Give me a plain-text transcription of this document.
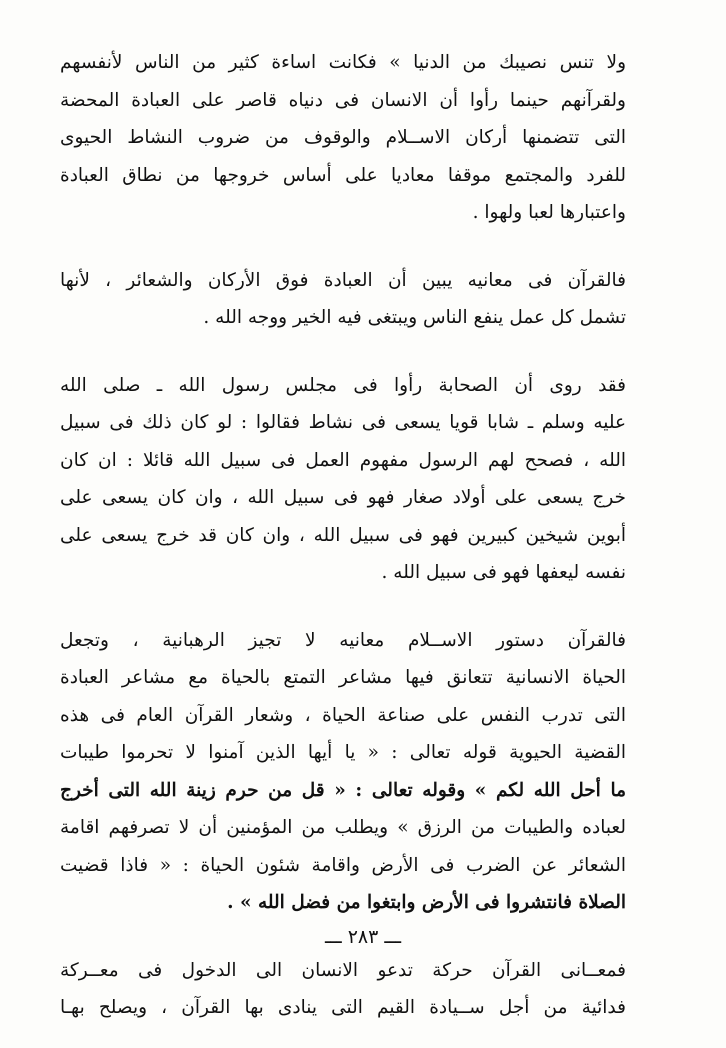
ولا تنس نصيبك من الدنيا » فكانت اساءة كثير من الناس لأنفسهم
ولقرآنهم حينما رأوا أن الانسان فى دنياه قاصر على العبادة المحضة
التى تتضمنها أركان الاســلام والوقوف من ضروب النشاط الحيوى
للفرد والمجتمع موقفا معاديا على أساس خروجها من نطاق العبادة
واعتبارها لعبا ولهوا .

فالقرآن فى معانيه يبين أن العبادة فوق الأركان والشعائر ، لأنها
تشمل كل عمل ينفع الناس ويبتغى فيه الخير ووجه الله .

فقد روى أن الصحابة رأوا فى مجلس رسول الله ـ صلى الله
عليه وسلم ـ شابا قويا يسعى فى نشاط فقالوا : لو كان ذلك فى سبيل
الله ، فصحح لهم الرسول مفهوم العمل فى سبيل الله قائلا : ان كان
خرج يسعى على أولاد صغار فهو فى سبيل الله ، وان كان يسعى على
أبوين شيخين كبيرين فهو فى سبيل الله ، وان كان قد خرج يسعى على
نفسه ليعفها فهو فى سبيل الله .

فالقرآن دستور الاســلام معانيه لا تجيز الرهبانية ، وتجعل
الحياة الانسانية تتعانق فيها مشاعر التمتع بالحياة مع مشاعر العبادة
التى تدرب النفس على صناعة الحياة ، وشعار القرآن العام فى هذه
القضية الحيوية قوله تعالى : « يا أيها الذين آمنوا لا تحرموا طيبات
ما أحل الله لكم » وقوله تعالى : « قل من حرم زينة الله التى أخرج
لعباده والطيبات من الرزق » ويطلب من المؤمنين أن لا تصرفهم اقامة
الشعائر عن الضرب فى الأرض واقامة شئون الحياة : « فاذا قضيت
الصلاة فانتشروا فى الأرض وابتغوا من فضل الله » .

فمعــانى القرآن حركة تدعو الانسان الى الدخول فى معــركة
فدائية من أجل ســيادة القيم التى ينادى بها القرآن ، ويصلح بهـا

ـــ ٢٨٣ ـــ
